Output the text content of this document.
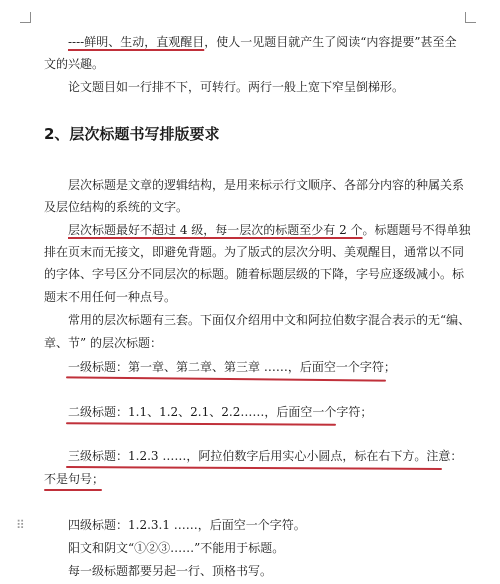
----鲜明、生动，直观醒目，使人一见题目就产生了阅读“内容提要”甚至全
文的兴趣。
论文题目如一行排不下，可转行。两行一般上宽下窄呈倒梯形。
2、层次标题书写排版要求
层次标题是文章的逻辑结构，是用来标示行文顺序、各部分内容的种属关系
及层位结构的系统的文字。
层次标题最好不超过 4 级，每一层次的标题至少有 2 个。标题题号不得单独
排在页末而无接文，即避免背题。为了版式的层次分明、美观醒目，通常以不同
的字体、字号区分不同层次的标题。随着标题层级的下降，字号应逐级减小。标
题末不用任何一种点号。
常用的层次标题有三套。下面仅介绍用中文和阿拉伯数字混合表示的无“编、
章、节” 的层次标题：
一级标题：第一章、第二章、第三章 ……，后面空一个字符；
二级标题：1.1、1.2、2.1、2.2……，后面空一个字符；
三级标题：1.2.3 ……，阿拉伯数字后用实心小圆点，标在右下方。注意：
不是句号；
⠿	四级标题：1.2.3.1 ……，后面空一个字符。
阳文和阴文“①②③……”不能用于标题。
每一级标题都要另起一行、顶格书写。
